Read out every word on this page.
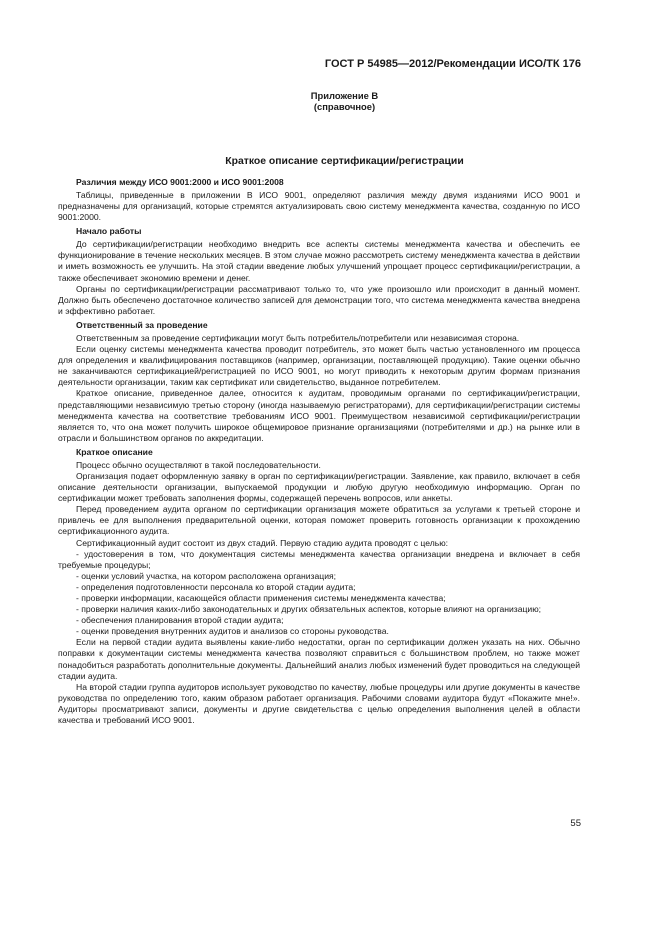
ГОСТ Р 54985—2012/Рекомендации ИСО/ТК 176
Приложение В
(справочное)
Краткое описание сертификации/регистрации
Различия между ИСО 9001:2000 и ИСО 9001:2008

Таблицы, приведенные в приложении В ИСО 9001, определяют различия между двумя изданиями ИСО 9001 и предназначены для организаций, которые стремятся актуализировать свою систему менеджмента качества, созданную по ИСО 9001:2000.

Начало работы

До сертификации/регистрации необходимо внедрить все аспекты системы менеджмента качества и обеспечить ее функционирование в течение нескольких месяцев. В этом случае можно рассмотреть систему менеджмента качества в действии и иметь возможность ее улучшить. На этой стадии введение любых улучшений упрощает процесс сертификации/регистрации, а также обеспечивает экономию времени и денег.

Органы по сертификации/регистрации рассматривают только то, что уже произошло или происходит в данный момент. Должно быть обеспечено достаточное количество записей для демонстрации того, что система менеджмента качества внедрена и эффективно работает.

Ответственный за проведение

Ответственным за проведение сертификации могут быть потребитель/потребители или независимая сторона.

Если оценку системы менеджмента качества проводит потребитель, это может быть частью установленного им процесса для определения и квалифицирования поставщиков (например, организации, поставляющей продукцию). Такие оценки обычно не заканчиваются сертификацией/регистрацией по ИСО 9001, но могут приводить к некоторым другим формам признания деятельности организации, таким как сертификат или свидетельство, выданное потребителем.

Краткое описание, приведенное далее, относится к аудитам, проводимым органами по сертификации/регистрации, представляющими независимую третью сторону (иногда называемую регистраторами), для сертификации/регистрации системы менеджмента качества на соответствие требованиям ИСО 9001. Преимуществом независимой сертификации/регистрации является то, что она может получить широкое общемировое признание организациями (потребителями и др.) на рынке или в отрасли и большинством органов по аккредитации.

Краткое описание

Процесс обычно осуществляют в такой последовательности.

Организация подает оформленную заявку в орган по сертификации/регистрации. Заявление, как правило, включает в себя описание деятельности организации, выпускаемой продукции и любую другую необходимую информацию. Орган по сертификации может требовать заполнения формы, содержащей перечень вопросов, или анкеты.

Перед проведением аудита органом по сертификации организация можете обратиться за услугами к третьей стороне и привлечь ее для выполнения предварительной оценки, которая поможет проверить готовность организации к прохождению сертификационного аудита.

Сертификационный аудит состоит из двух стадий. Первую стадию аудита проводят с целью:

- удостоверения в том, что документация системы менеджмента качества организации внедрена и включает в себя требуемые процедуры;

- оценки условий участка, на котором расположена организация;

- определения подготовленности персонала ко второй стадии аудита;

- проверки информации, касающейся области применения системы менеджмента качества;

- проверки наличия каких-либо законодательных и других обязательных аспектов, которые влияют на организацию;

- обеспечения планирования второй стадии аудита;

- оценки проведения внутренних аудитов и анализов со стороны руководства.

Если на первой стадии аудита выявлены какие-либо недостатки, орган по сертификации должен указать на них. Обычно поправки к документации системы менеджмента качества позволяют справиться с большинством проблем, но также может понадобиться разработать дополнительные документы. Дальнейший анализ любых изменений будет проводиться на следующей стадии аудита.

На второй стадии группа аудиторов использует руководство по качеству, любые процедуры или другие документы в качестве руководства по определению того, каким образом работает организация. Рабочими словами аудитора будут «Покажите мне!». Аудиторы просматривают записи, документы и другие свидетельства с целью определения выполнения целей в области качества и требований ИСО 9001.

55
